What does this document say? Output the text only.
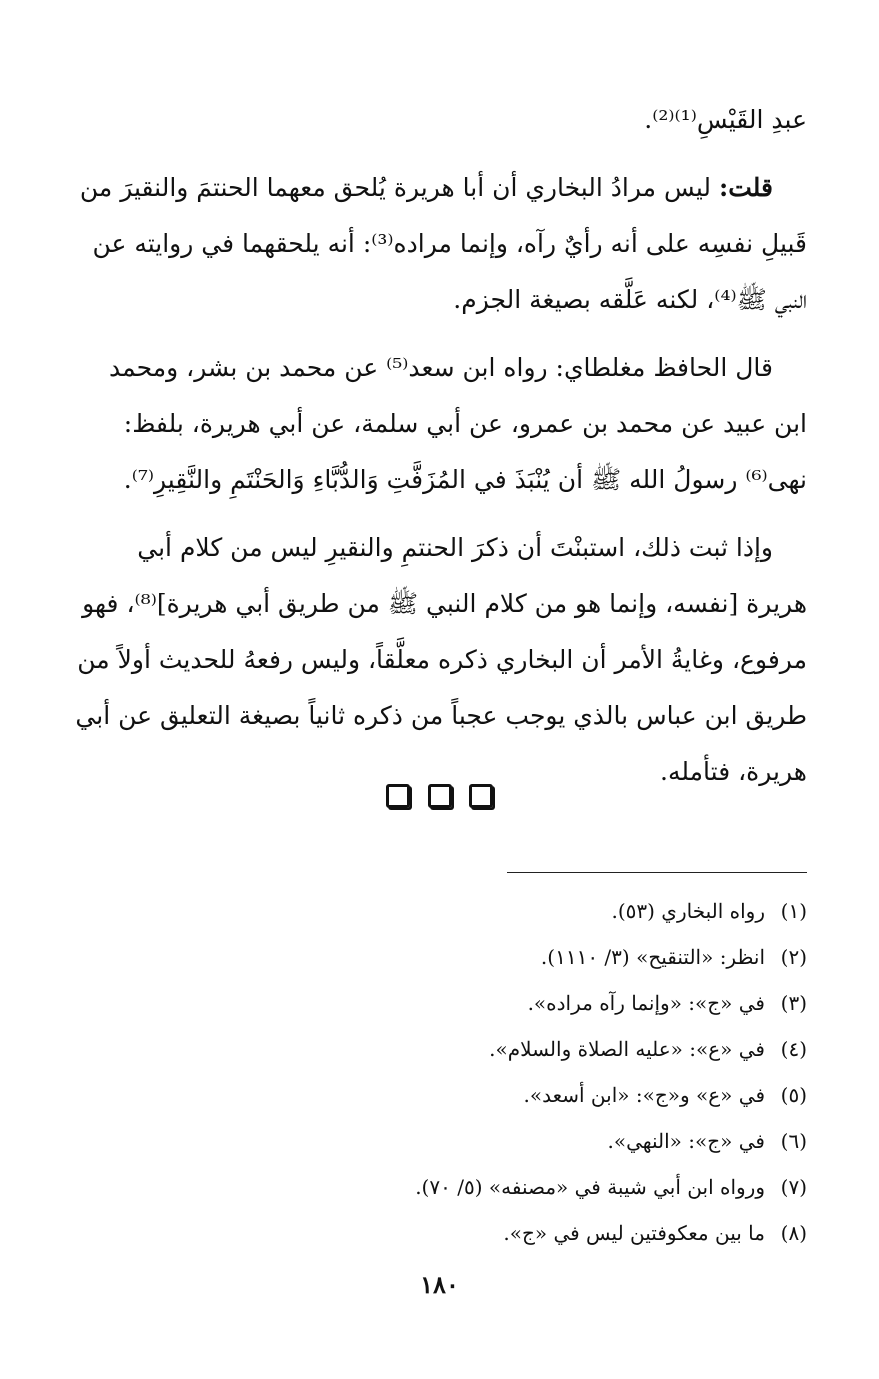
عبدِ القَيْسِ⁽¹⁾⁽²⁾.
قلت: ليس مرادُ البخاري أن أبا هريرة يُلحق معهما الحنتمَ والنقيرَ من
قَبيلِ نفسِه على أنه رأيٌ رآه، وإنما مراده⁽³⁾: أنه يلحقهما في روايته عن
النبي ﷺ⁽⁴⁾، لكنه عَلَّقه بصيغة الجزم.
قال الحافظ مغلطاي: رواه ابن سعد⁽⁵⁾ عن محمد بن بشر، ومحمد
ابن عبيد عن محمد بن عمرو، عن أبي سلمة، عن أبي هريرة، بلفظ:
نهى⁽⁶⁾ رسولُ الله ﷺ أن يُنْبَذَ في المُزَفَّتِ وَالدُّبَّاءِ وَالحَنْتَمِ والنَّقِيرِ⁽⁷⁾.
وإذا ثبت ذلك، استبنْتَ أن ذكرَ الحنتمِ والنقيرِ ليس من كلام أبي
هريرة [نفسه، وإنما هو من كلام النبي ﷺ من طريق أبي هريرة]⁽⁸⁾، فهو
مرفوع، وغايةُ الأمر أن البخاري ذكره معلَّقاً، وليس رفعهُ للحديث أولاً من
طريق ابن عباس بالذي يوجب عجباً من ذكره ثانياً بصيغة التعليق عن أبي
هريرة، فتأمله.

(١)رواه البخاري (٥٣).
(٢)انظر: «التنقيح» (٣/ ١١١٠).
(٣)في «ج»: «وإنما رآه مراده».
(٤)في «ع»: «عليه الصلاة والسلام».
(٥)في «ع» و«ج»: «ابن أسعد».
(٦)في «ج»: «النهي».
(٧)ورواه ابن أبي شيبة في «مصنفه» (٥/ ٧٠).
(٨)ما بين معكوفتين ليس في «ج».
١٨٠
